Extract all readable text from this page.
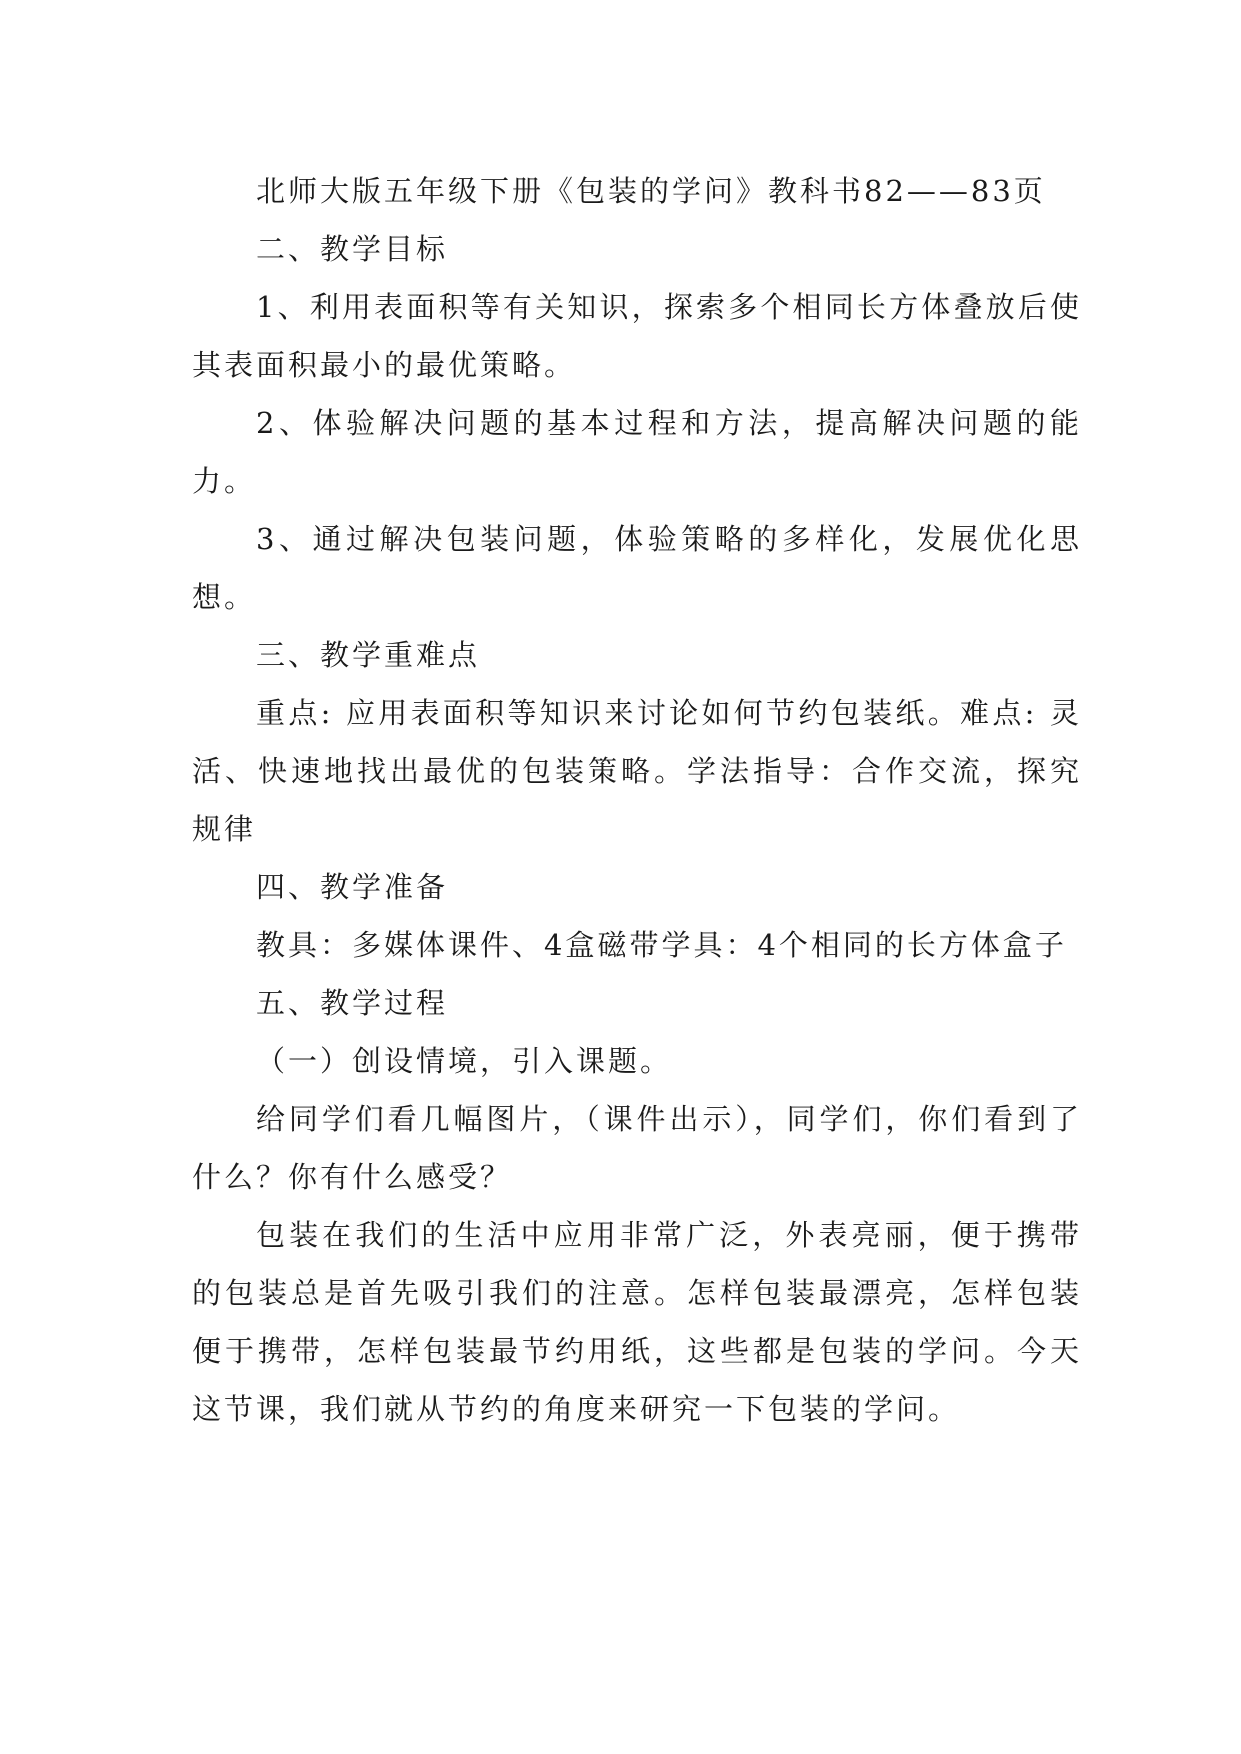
北师大版五年级下册《包装的学问》教科书82——83页

二、教学目标

1、利用表面积等有关知识，探索多个相同长方体叠放后使其表面积最小的最优策略。

2、体验解决问题的基本过程和方法，提高解决问题的能力。

3、通过解决包装问题，体验策略的多样化，发展优化思想。

三、教学重难点

重点: 应用表面积等知识来讨论如何节约包装纸。难点: 灵活、快速地找出最优的包装策略。学法指导：合作交流，探究规律

四、教学准备

教具：多媒体课件、4盒磁带学具：4个相同的长方体盒子

五、教学过程

（一）创设情境，引入课题。

给同学们看几幅图片，（课件出示），同学们，你们看到了什么？你有什么感受？

包装在我们的生活中应用非常广泛，外表亮丽，便于携带的包装总是首先吸引我们的注意。怎样包装最漂亮，怎样包装便于携带，怎样包装最节约用纸，这些都是包装的学问。今天这节课，我们就从节约的角度来研究一下包装的学问。
